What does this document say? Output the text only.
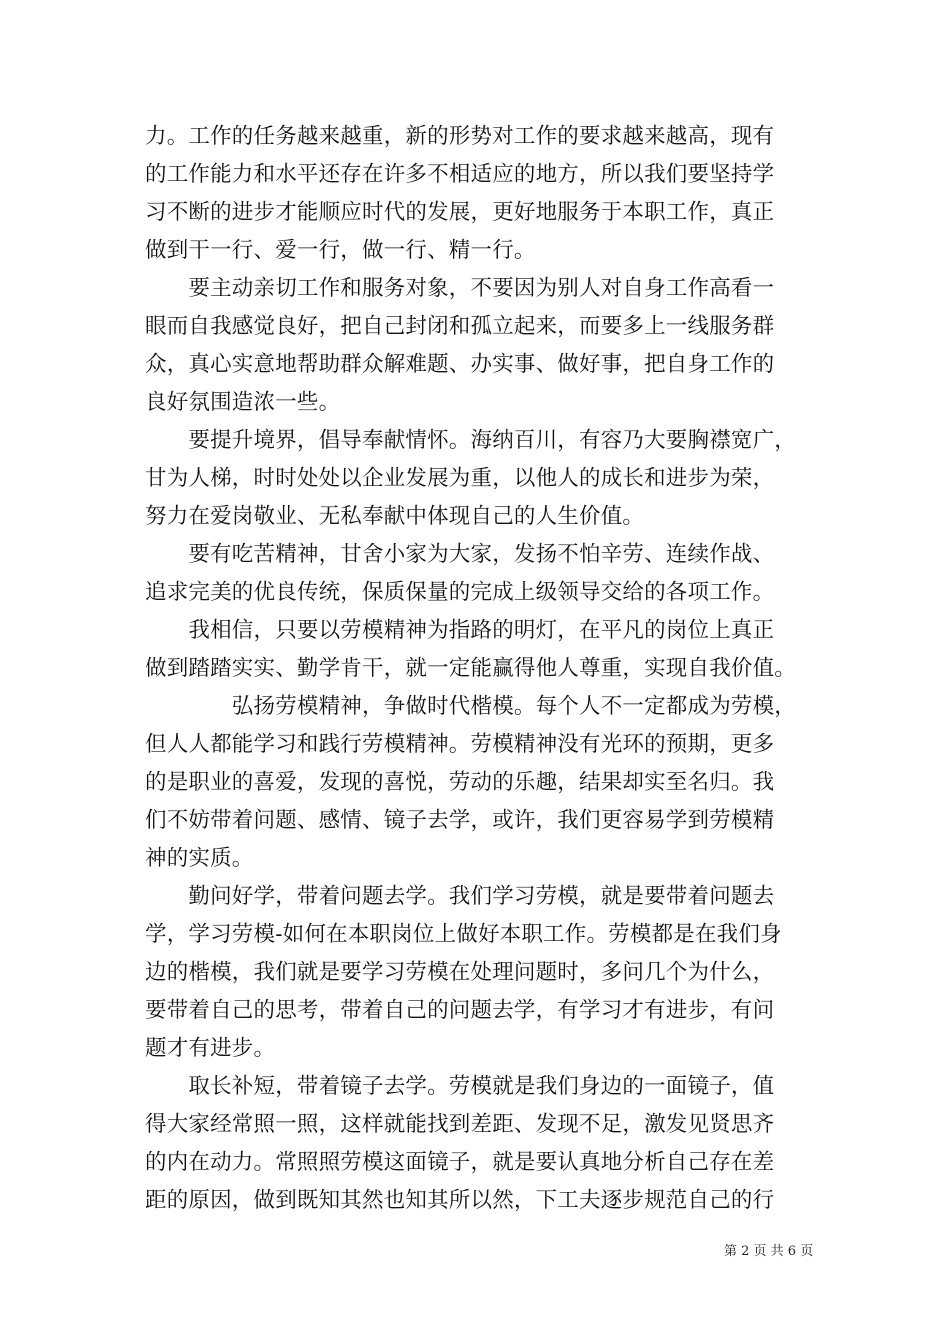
力。工作的任务越来越重，新的形势对工作的要求越来越高，现有
的工作能力和水平还存在许多不相适应的地方，所以我们要坚持学
习不断的进步才能顺应时代的发展，更好地服务于本职工作，真正
做到干一行、爱一行，做一行、精一行。
　　要主动亲切工作和服务对象，不要因为别人对自身工作高看一
眼而自我感觉良好，把自己封闭和孤立起来，而要多上一线服务群
众，真心实意地帮助群众解难题、办实事、做好事，把自身工作的
良好氛围造浓一些。
　　要提升境界，倡导奉献情怀。海纳百川，有容乃大要胸襟宽广，
甘为人梯，时时处处以企业发展为重，以他人的成长和进步为荣，
努力在爱岗敬业、无私奉献中体现自己的人生价值。
　　要有吃苦精神，甘舍小家为大家，发扬不怕辛劳、连续作战、
追求完美的优良传统，保质保量的完成上级领导交给的各项工作。
　　我相信，只要以劳模精神为指路的明灯，在平凡的岗位上真正
做到踏踏实实、勤学肯干，就一定能赢得他人尊重，实现自我价值。
　　　　弘扬劳模精神，争做时代楷模。每个人不一定都成为劳模，
但人人都能学习和践行劳模精神。劳模精神没有光环的预期，更多
的是职业的喜爱，发现的喜悦，劳动的乐趣，结果却实至名归。我
们不妨带着问题、感情、镜子去学，或许，我们更容易学到劳模精
神的实质。
　　勤问好学，带着问题去学。我们学习劳模，就是要带着问题去
学，学习劳模-如何在本职岗位上做好本职工作。劳模都是在我们身
边的楷模，我们就是要学习劳模在处理问题时，多问几个为什么，
要带着自己的思考，带着自己的问题去学，有学习才有进步，有问
题才有进步。
　　取长补短，带着镜子去学。劳模就是我们身边的一面镜子，值
得大家经常照一照，这样就能找到差距、发现不足，激发见贤思齐
的内在动力。常照照劳模这面镜子，就是要认真地分析自己存在差
距的原因，做到既知其然也知其所以然，下工夫逐步规范自己的行
第 2 页 共 6 页
